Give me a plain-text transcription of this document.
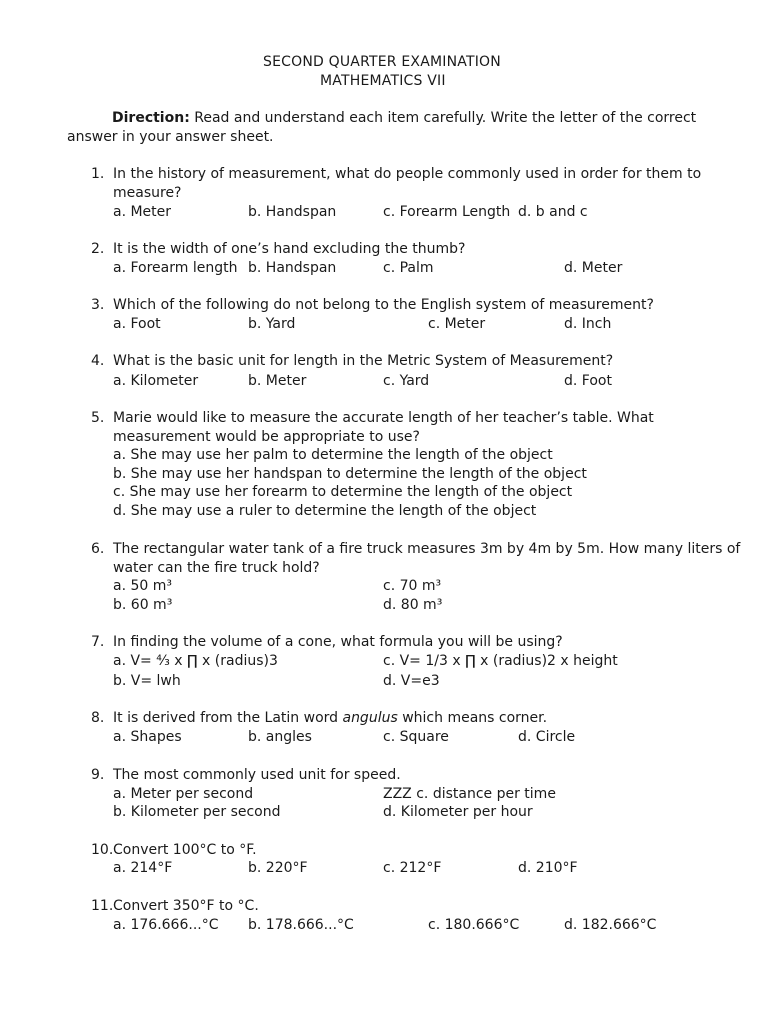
SECOND QUARTER EXAMINATION
MATHEMATICS VII
Direction: Read and understand each item carefully. Write the letter of the correct
answer in your answer sheet.
1. In the history of measurement, what do people commonly used in order for them to
measure?
a. Meter	b. Handspan	c. Forearm Length d. b and c
2. It is the width of one’s hand excluding the thumb?
a. Forearm length b. Handspan	c. Palm	d. Meter
3. Which of the following do not belong to the English system of measurement?
a. Foot	b. Yard	c. Meter	d. Inch
4. What is the basic unit for length in the Metric System of Measurement?
a. Kilometer	b. Meter	c. Yard	d. Foot
5. Marie would like to measure the accurate length of her teacher’s table. What
measurement would be appropriate to use?
a. She may use her palm to determine the length of the object
b. She may use her handspan to determine the length of the object
c. She may use her forearm to determine the length of the object
d. She may use a ruler to determine the length of the object
6. The rectangular water tank of a fire truck measures 3m by 4m by 5m. How many liters of
water can the fire truck hold?
a. 50 m³	c. 70 m³
b. 60 m³	d. 80 m³
7. In finding the volume of a cone, what formula you will be using?
a. V= ⁴⁄₃ x ∏ x (radius)3	c. V= 1/3 x ∏ x (radius)2 x height
b. V= lwh	d. V=e3
8. It is derived from the Latin word angulus which means corner.
a. Shapes	b. angles	c. Square	d. Circle
9. The most commonly used unit for speed.
a. Meter per second	ZZZ c. distance per time
b. Kilometer per second	d. Kilometer per hour
10. Convert 100°C to °F.
a. 214°F	b. 220°F	c. 212°F	d. 210°F
11. Convert 350°F to °C.
a. 176.666...°C b. 178.666...°C	c. 180.666°C	d. 182.666°C
